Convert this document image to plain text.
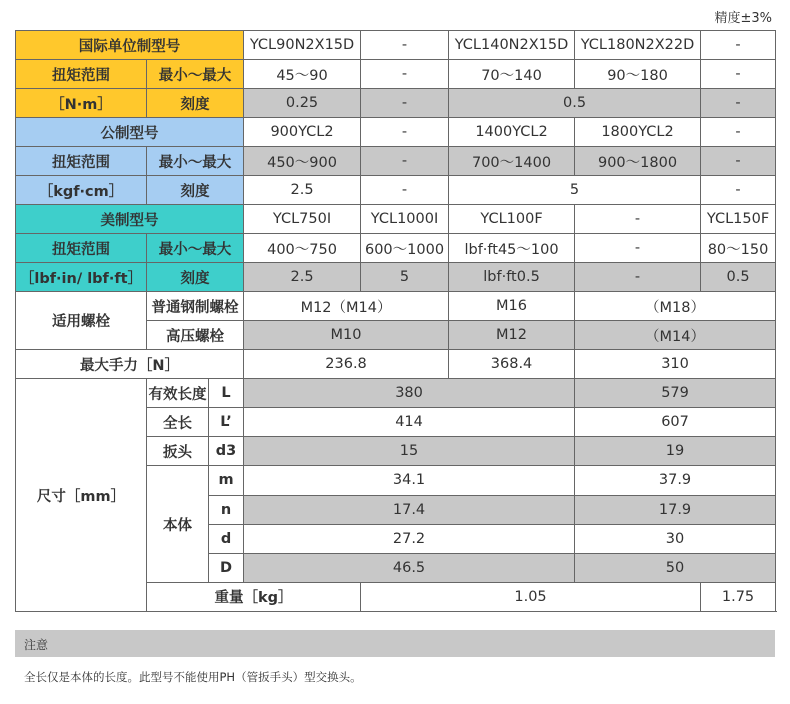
精度±3%
国际单位制型号			YCL90N2X15D	-	YCL140N2X15D	YCL180N2X22D	-
扭矩范围	最小～最大		45～90	-	70～140	90～180	-
［N·m］	刻度		0.25	-	0.5		-
公制型号			900YCL2	-	1400YCL2	1800YCL2	-
扭矩范围	最小～最大		450～900	-	700～1400	900～1800	-
［kgf·cm］	刻度		2.5	-	5		-
美制型号			YCL750I	YCL1000I	YCL100F	-	YCL150F
扭矩范围	最小～最大		400～750	600～1000	lbf·ft45～100	-	80～150
［lbf·in/ lbf·ft］	刻度		2.5	5	lbf·ft0.5	-	0.5
适用螺栓	普通钢制螺栓		M12（M14）		M16	（M18）	
	高压螺栓		M10		M12	（M14）	
最大手力［N］			236.8		368.4	310	
尺寸［mm］	有效长度	L	380			579	
	全长	L’	414			607	
	扳头	d3	15			19	
	本体	m	34.1			37.9	
		n	17.4			17.9	
		d	27.2			30	
		D	46.5			50	
	重量［kg］			1.05			1.75
注意
全长仅是本体的长度。此型号不能使用PH（管扳手头）型交换头。
